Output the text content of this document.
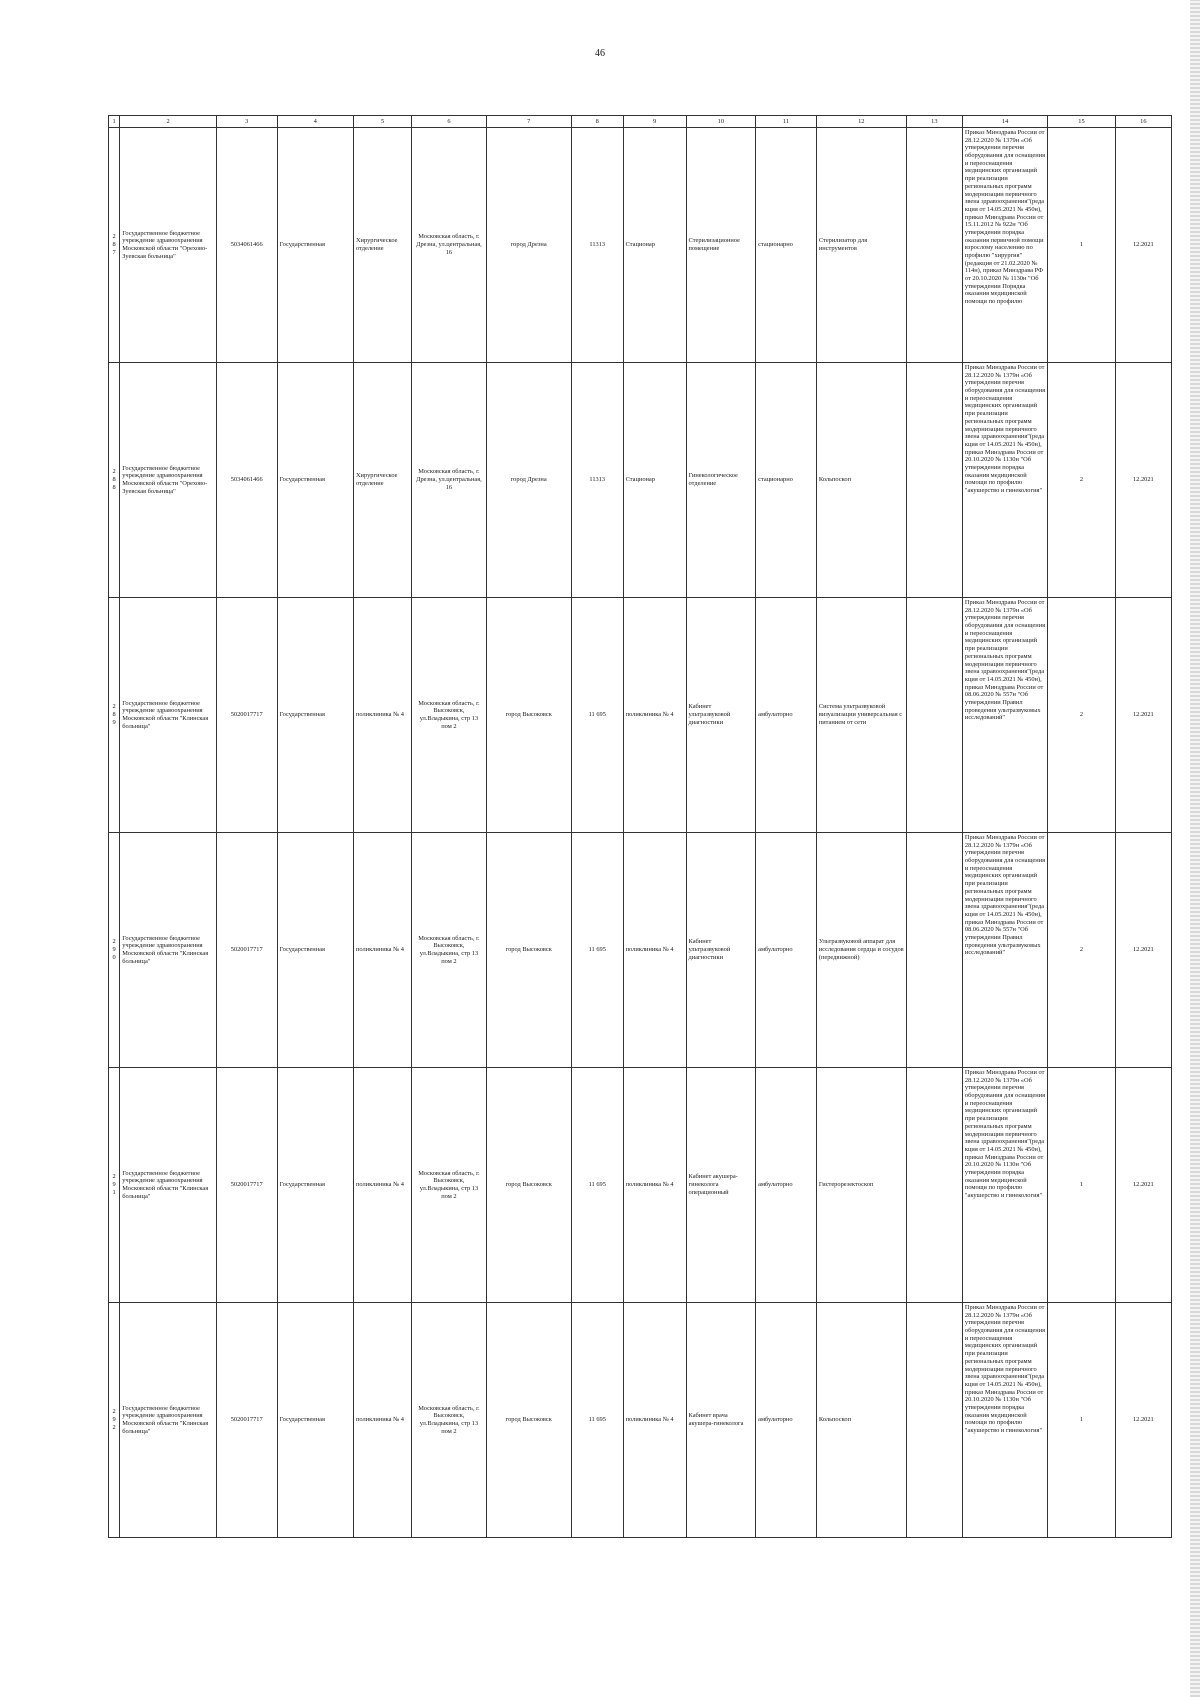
46
1	2	3	4	5	6	7	8	9	10	11	12	13	14	15	16
287	Государственное бюджетное учреждение здравоохранения Московской области "Орехово-Зуевская больница"	5034061466	Государственная	Хирургическое отделение	Московская область, г. Дрезна, ул.центральная, 16	город Дрезна	11313	Стационар	Стерилизационное помещение	стационарно	Стерилизатор для инструментов		Приказ Минздрава России от 28.12.2020 № 1379н «Об утверждении перечня оборудования для оснащения и переоснащения медицинских организаций при реализации региональных программ модернизации первичного звена здравоохранения"(реда кция от 14.05.2021 № 450н), приказ Минздрава России от 15.11.2012 № 922н "Об утверждении порядка оказания первичной помощи взрослому населению по профилю "хирургия" (редакция от 21.02.2020 № 114н), приказ Минздрава РФ от 20.10.2020 № 1130н "Об утверждении Порядка оказания медицинской помощи по профилю	1	12.2021
288	Государственное бюджетное учреждение здравоохранения Московской области "Орехово-Зуевская больница"	5034061466	Государственная	Хирургическое отделение	Московская область, г. Дрезна, ул.центральная, 16	город Дрезна	11313	Стационар	Гинекологическое отделение	стационарно	Кольпоскоп		Приказ Минздрава России от 28.12.2020 № 1379н «Об утверждении перечня оборудования для оснащения и переоснащения медицинских организаций при реализации региональных программ модернизации первичного звена здравоохранения"(реда кция от 14.05.2021 № 450н), приказ Минздрава России от 20.10.2020 № 1130н "Об утверждении порядка оказания медицинской помощи по профилю "акушерство и гинекология"	2	12.2021
289	Государственное бюджетное учреждение здравоохранения Московской области "Клинская больница"	5020017717	Государственная	поликлиника № 4	Московская область, г. Высоковск, ул.Владыкина, стр 13 пом 2	город Высоковск	11 695	поликлиника № 4	Кабинет ультразвуковой диагностики	амбулаторно	Система ультразвуковой визуализации универсальная с питанием от сети		Приказ Минздрава России от 28.12.2020 № 1379н «Об утверждении перечня оборудования для оснащения и переоснащения медицинских организаций при реализации региональных программ модернизации первичного звена здравоохранения"(реда кция от 14.05.2021 № 450н), приказ Минздрава России от 08.06.2020 № 557н "Об утверждении Правил проведения ультразвуковых исследований"	2	12.2021
290	Государственное бюджетное учреждение здравоохранения Московской области "Клинская больница"	5020017717	Государственная	поликлиника № 4	Московская область, г. Высоковск, ул.Владыкина, стр 13 пом 2	город Высоковск	11 695	поликлиника № 4	Кабинет ультразвуковой диагностики	амбулаторно	Ультразвуковой аппарат для исследования сердца и сосудов (передвижной)		Приказ Минздрава России от 28.12.2020 № 1379н «Об утверждении перечня оборудования для оснащения и переоснащения медицинских организаций при реализации региональных программ модернизации первичного звена здравоохранения"(реда кция от 14.05.2021 № 450н), приказ Минздрава России от 08.06.2020 № 557н "Об утверждении Правил проведения ультразвуковых исследований"	2	12.2021
291	Государственное бюджетное учреждение здравоохранения Московской области "Клинская больница"	5020017717	Государственная	поликлиника № 4	Московская область, г. Высоковск, ул.Владыкина, стр 13 пом 2	город Высоковск	11 695	поликлиника № 4	Кабинет акушера-гинеколога операционный	амбулаторно	Гистерорезектоскоп		Приказ Минздрава России от 28.12.2020 № 1379н «Об утверждении перечня оборудования для оснащения и переоснащения медицинских организаций при реализации региональных программ модернизации первичного звена здравоохранения"(реда кция от 14.05.2021 № 450н), приказ Минздрава России от 20.10.2020 № 1130н "Об утверждении порядка оказания медицинской помощи по профилю "акушерство и гинекология"	1	12.2021
292	Государственное бюджетное учреждение здравоохранения Московской области "Клинская больница"	5020017717	Государственная	поликлиника № 4	Московская область, г. Высоковск, ул.Владыкина, стр 13 пом 2	город Высоковск	11 695	поликлиника № 4	Кабинет врача акушера-гинеколога	амбулаторно	Кольпоскоп		Приказ Минздрава России от 28.12.2020 № 1379н «Об утверждении перечня оборудования для оснащения и переоснащения медицинских организаций при реализации региональных программ модернизации первичного звена здравоохранения"(реда кция от 14.05.2021 № 450н), приказ Минздрава России от 20.10.2020 № 1130н "Об утверждении порядка оказания медицинской помощи по профилю "акушерство и гинекология"	1	12.2021
